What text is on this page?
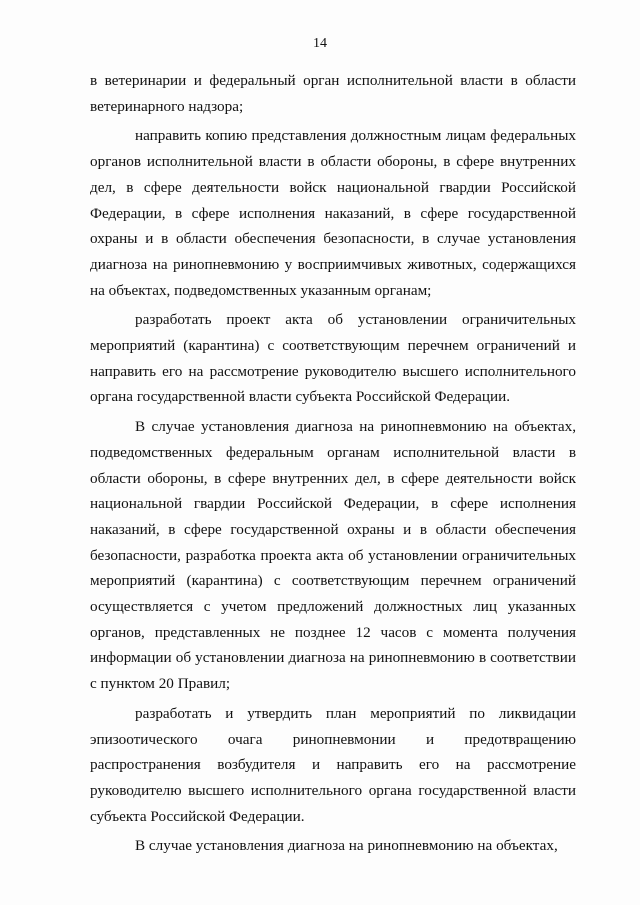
14

в ветеринарии и федеральный орган исполнительной власти в области ветеринарного надзора;

направить копию представления должностным лицам федеральных органов исполнительной власти в области обороны, в сфере внутренних дел, в сфере деятельности войск национальной гвардии Российской Федерации, в сфере исполнения наказаний, в сфере государственной охраны и в области обеспечения безопасности, в случае установления диагноза на ринопневмонию у восприимчивых животных, содержащихся на объектах, подведомственных указанным органам;

разработать проект акта об установлении ограничительных мероприятий (карантина) с соответствующим перечнем ограничений и направить его на рассмотрение руководителю высшего исполнительного органа государственной власти субъекта Российской Федерации.

В случае установления диагноза на ринопневмонию на объектах, подведомственных федеральным органам исполнительной власти в области обороны, в сфере внутренних дел, в сфере деятельности войск национальной гвардии Российской Федерации, в сфере исполнения наказаний, в сфере государственной охраны и в области обеспечения безопасности, разработка проекта акта об установлении ограничительных мероприятий (карантина) с соответствующим перечнем ограничений осуществляется с учетом предложений должностных лиц указанных органов, представленных не позднее 12 часов с момента получения информации об установлении диагноза на ринопневмонию в соответствии с пунктом 20 Правил;

разработать и утвердить план мероприятий по ликвидации эпизоотического очага ринопневмонии и предотвращению распространения возбудителя и направить его на рассмотрение руководителю высшего исполнительного органа государственной власти субъекта Российской Федерации.

В случае установления диагноза на ринопневмонию на объектах,
